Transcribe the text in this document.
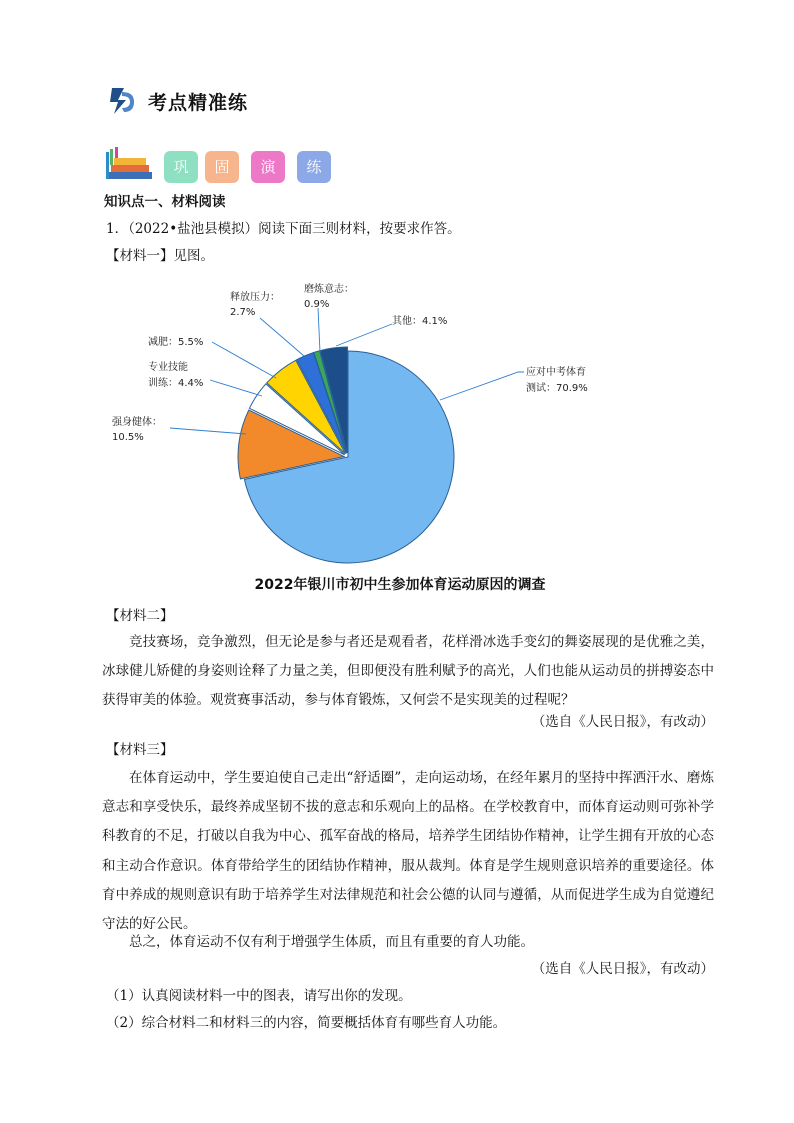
考点精准练
巩	固	演	练
知识点一、材料阅读
1．（2022•盐池县模拟）阅读下面三则材料，按要求作答。
【材料一】见图。
应对中考体育
测试：70.9%
强身健体：
10.5%
专业技能
训练：4.4%
减肥：5.5%
释放压力：
2.7%
磨炼意志：
0.9%
其他：4.1%
2022年银川市初中生参加体育运动原因的调查
【材料二】
竞技赛场，竞争激烈，但无论是参与者还是观看者，花样滑冰选手变幻的舞姿展现的是优雅之美，冰球健儿矫健的身姿则诠释了力量之美，但即便没有胜利赋予的高光，人们也能从运动员的拼搏姿态中获得审美的体验。观赏赛事活动，参与体育锻炼，又何尝不是实现美的过程呢？
（选自《人民日报》，有改动）
【材料三】
在体育运动中，学生要迫使自己走出“舒适圈”，走向运动场，在经年累月的坚持中挥洒汗水、磨炼意志和享受快乐，最终养成坚韧不拔的意志和乐观向上的品格。在学校教育中，而体育运动则可弥补学科教育的不足，打破以自我为中心、孤军奋战的格局，培养学生团结协作精神，让学生拥有开放的心态和主动合作意识。体育带给学生的团结协作精神，服从裁判。体育是学生规则意识培养的重要途径。体育中养成的规则意识有助于培养学生对法律规范和社会公德的认同与遵循，从而促进学生成为自觉遵纪守法的好公民。
总之，体育运动不仅有利于增强学生体质，而且有重要的育人功能。
（选自《人民日报》，有改动）
（1）认真阅读材料一中的图表，请写出你的发现。
（2）综合材料二和材料三的内容，简要概括体育有哪些育人功能。
